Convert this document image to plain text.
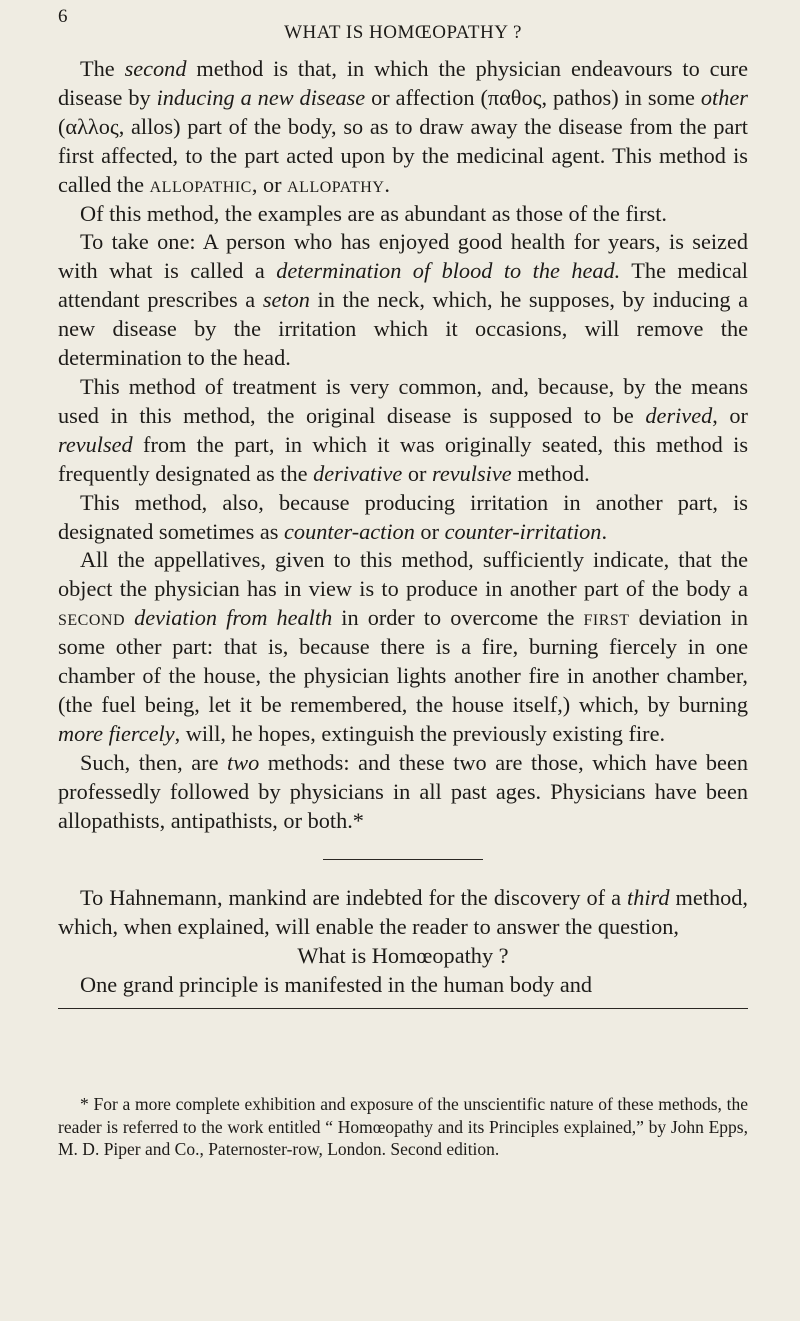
6
WHAT IS HOMŒOPATHY ?

The second method is that, in which the physician endeavours to cure disease by inducing a new disease or affection (παθος, pathos) in some other (αλλος, allos) part of the body, so as to draw away the disease from the part first affected, to the part acted upon by the medicinal agent. This method is called the allopathic, or allopathy.

Of this method, the examples are as abundant as those of the first.

To take one: A person who has enjoyed good health for years, is seized with what is called a determination of blood to the head. The medical attendant prescribes a seton in the neck, which, he supposes, by inducing a new disease by the irritation which it occasions, will remove the determination to the head.

This method of treatment is very common, and, because, by the means used in this method, the original disease is supposed to be derived, or revulsed from the part, in which it was originally seated, this method is frequently designated as the derivative or revulsive method.

This method, also, because producing irritation in another part, is designated sometimes as counter-action or counter-irritation.

All the appellatives, given to this method, sufficiently indicate, that the object the physician has in view is to produce in another part of the body a second deviation from health in order to overcome the first deviation in some other part: that is, because there is a fire, burning fiercely in one chamber of the house, the physician lights another fire in another chamber, (the fuel being, let it be remembered, the house itself,) which, by burning more fiercely, will, he hopes, extinguish the previously existing fire.

Such, then, are two methods: and these two are those, which have been professedly followed by physicians in all past ages. Physicians have been allopathists, antipathists, or both.*

To Hahnemann, mankind are indebted for the discovery of a third method, which, when explained, will enable the reader to answer the question,

What is Homœopathy ?

One grand principle is manifested in the human body and

* For a more complete exhibition and exposure of the unscientific nature of these methods, the reader is referred to the work entitled “ Homœopathy and its Principles explained,” by John Epps, M. D. Piper and Co., Paternoster-row, London. Second edition.
